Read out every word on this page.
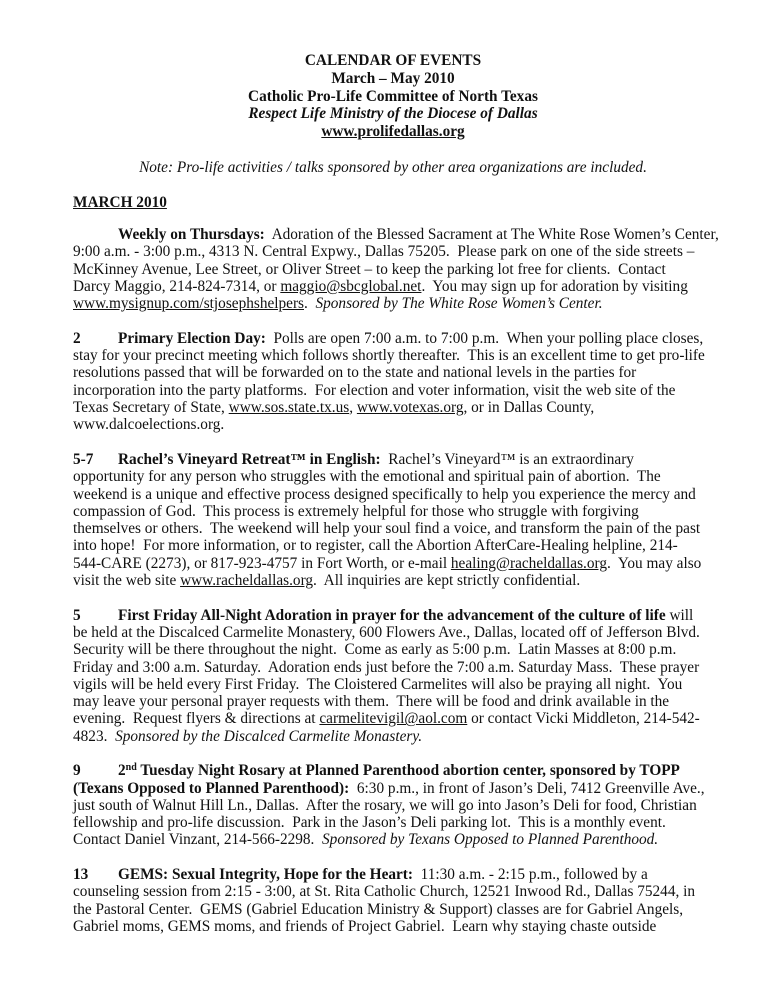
CALENDAR OF EVENTS
March – May 2010
Catholic Pro-Life Committee of North Texas
Respect Life Ministry of the Diocese of Dallas
www.prolifedallas.org
Note: Pro-life activities / talks sponsored by other area organizations are included.
MARCH 2010
Weekly on Thursdays:  Adoration of the Blessed Sacrament at The White Rose Women’s Center,
9:00 a.m. - 3:00 p.m., 4313 N. Central Expwy., Dallas 75205.  Please park on one of the side streets –
McKinney Avenue, Lee Street, or Oliver Street – to keep the parking lot free for clients.  Contact
Darcy Maggio, 214-824-7314, or maggio@sbcglobal.net.  You may sign up for adoration by visiting
www.mysignup.com/stjosephshelpers.  Sponsored by The White Rose Women’s Center.
2 Primary Election Day:  Polls are open 7:00 a.m. to 7:00 p.m.  When your polling place closes,
stay for your precinct meeting which follows shortly thereafter.  This is an excellent time to get pro-life
resolutions passed that will be forwarded on to the state and national levels in the parties for
incorporation into the party platforms.  For election and voter information, visit the web site of the
Texas Secretary of State, www.sos.state.tx.us, www.votexas.org, or in Dallas County,
www.dalcoelections.org.
5-7 Rachel’s Vineyard Retreat™ in English:  Rachel’s Vineyard™ is an extraordinary
opportunity for any person who struggles with the emotional and spiritual pain of abortion.  The
weekend is a unique and effective process designed specifically to help you experience the mercy and
compassion of God.  This process is extremely helpful for those who struggle with forgiving
themselves or others.  The weekend will help your soul find a voice, and transform the pain of the past
into hope!  For more information, or to register, call the Abortion AfterCare-Healing helpline, 214-
544-CARE (2273), or 817-923-4757 in Fort Worth, or e-mail healing@racheldallas.org.  You may also
visit the web site www.racheldallas.org.  All inquiries are kept strictly confidential.
5 First Friday All-Night Adoration in prayer for the advancement of the culture of life will
be held at the Discalced Carmelite Monastery, 600 Flowers Ave., Dallas, located off of Jefferson Blvd.
Security will be there throughout the night.  Come as early as 5:00 p.m.  Latin Masses at 8:00 p.m.
Friday and 3:00 a.m. Saturday.  Adoration ends just before the 7:00 a.m. Saturday Mass.  These prayer
vigils will be held every First Friday.  The Cloistered Carmelites will also be praying all night.  You
may leave your personal prayer requests with them.  There will be food and drink available in the
evening.  Request flyers & directions at carmelitevigil@aol.com or contact Vicki Middleton, 214-542-
4823.  Sponsored by the Discalced Carmelite Monastery.
9 2nd Tuesday Night Rosary at Planned Parenthood abortion center, sponsored by TOPP
(Texans Opposed to Planned Parenthood):  6:30 p.m., in front of Jason’s Deli, 7412 Greenville Ave.,
just south of Walnut Hill Ln., Dallas.  After the rosary, we will go into Jason’s Deli for food, Christian
fellowship and pro-life discussion.  Park in the Jason’s Deli parking lot.  This is a monthly event.
Contact Daniel Vinzant, 214-566-2298.  Sponsored by Texans Opposed to Planned Parenthood.
13 GEMS: Sexual Integrity, Hope for the Heart:  11:30 a.m. - 2:15 p.m., followed by a
counseling session from 2:15 - 3:00, at St. Rita Catholic Church, 12521 Inwood Rd., Dallas 75244, in
the Pastoral Center.  GEMS (Gabriel Education Ministry & Support) classes are for Gabriel Angels,
Gabriel moms, GEMS moms, and friends of Project Gabriel.  Learn why staying chaste outside
